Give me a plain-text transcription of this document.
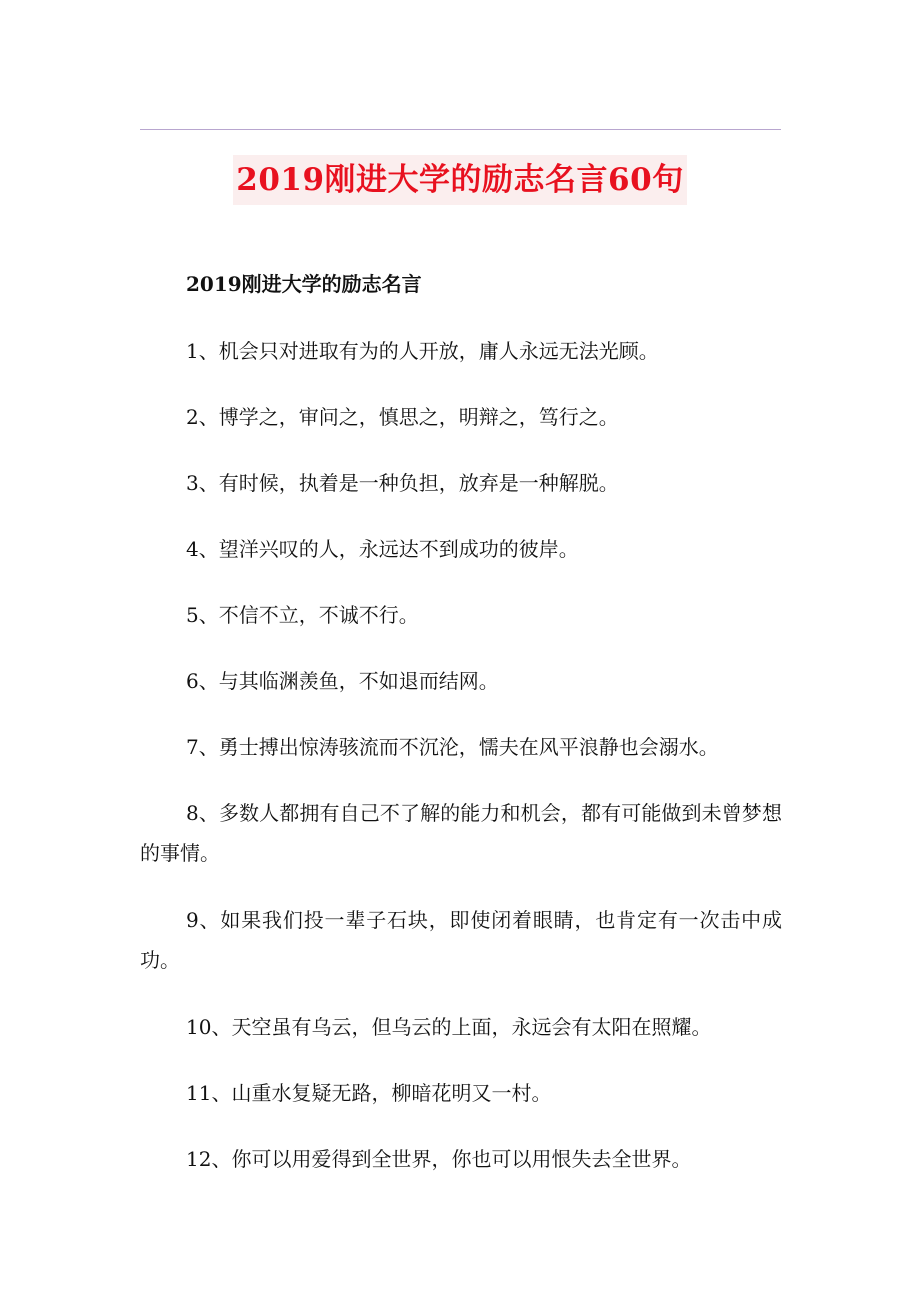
2019刚进大学的励志名言60句

2019刚进大学的励志名言

1、机会只对进取有为的人开放，庸人永远无法光顾。

2、博学之，审问之，慎思之，明辩之，笃行之。

3、有时候，执着是一种负担，放弃是一种解脱。

4、望洋兴叹的人，永远达不到成功的彼岸。

5、不信不立，不诚不行。

6、与其临渊羡鱼，不如退而结网。

7、勇士搏出惊涛骇流而不沉沦，懦夫在风平浪静也会溺水。

8、多数人都拥有自己不了解的能力和机会，都有可能做到未曾梦想的事情。

9、如果我们投一辈子石块，即使闭着眼睛，也肯定有一次击中成功。

10、天空虽有乌云，但乌云的上面，永远会有太阳在照耀。

11、山重水复疑无路，柳暗花明又一村。

12、你可以用爱得到全世界，你也可以用恨失去全世界。
